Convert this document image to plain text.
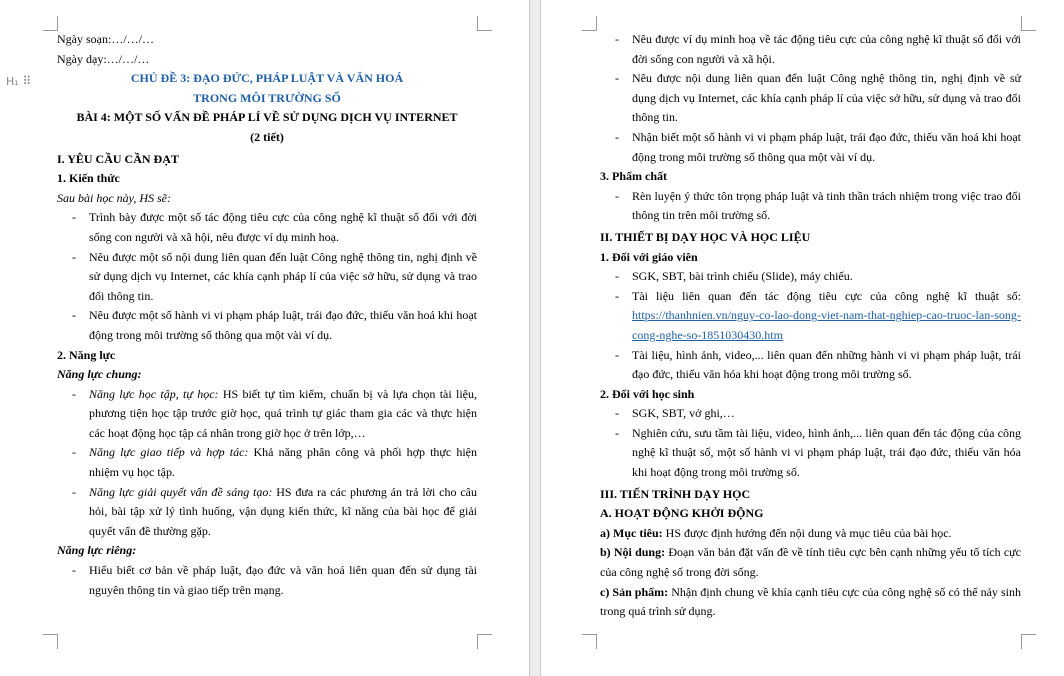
H₁ ⠿

Ngày soạn:…/…/…

Ngày dạy:…/…/…

CHỦ ĐỀ 3: ĐẠO ĐỨC, PHÁP LUẬT VÀ VĂN HOÁ

TRONG MÔI TRƯỜNG SỐ

BÀI 4: MỘT SỐ VẤN ĐỀ PHÁP LÍ VỀ SỬ DỤNG DỊCH VỤ INTERNET

(2 tiết)

I. YÊU CẦU CẦN ĐẠT

1. Kiến thức

Sau bài học này, HS sẽ:

- Trình bày được một số tác động tiêu cực của công nghệ kĩ thuật số đối với đời sống con người và xã hội, nêu được ví dụ minh hoạ.

- Nêu được một số nội dung liên quan đến luật Công nghệ thông tin, nghị định về sử dụng dịch vụ Internet, các khía cạnh pháp lí của việc sở hữu, sử dụng và trao đổi thông tin.

- Nêu được một số hành vi vi phạm pháp luật, trái đạo đức, thiếu văn hoá khi hoạt động trong môi trường số thông qua một vài ví dụ.

2. Năng lực

Năng lực chung:

- Năng lực học tập, tự học: HS biết tự tìm kiếm, chuẩn bị và lựa chọn tài liệu, phương tiện học tập trước giờ học, quá trình tự giác tham gia các và thực hiện các hoạt động học tập cá nhân trong giờ học ở trên lớp,…

- Năng lực giao tiếp và hợp tác: Khả năng phân công và phối hợp thực hiện nhiệm vụ học tập.

- Năng lực giải quyết vấn đề sáng tạo: HS đưa ra các phương án trả lời cho câu hỏi, bài tập xử lý tình huống, vận dụng kiến thức, kĩ năng của bài học để giải quyết vấn đề thường gặp.

Năng lực riêng:

- Hiểu biết cơ bản về pháp luật, đạo đức và văn hoá liên quan đến sử dụng tài nguyên thông tin và giao tiếp trên mạng.

- Nêu được ví dụ minh hoạ về tác động tiêu cực của công nghệ kĩ thuật số đối với đời sống con người và xã hội.

- Nêu được nội dung liên quan đến luật Công nghệ thông tin, nghị định về sử dụng dịch vụ Internet, các khía cạnh pháp lí của việc sở hữu, sử dụng và trao đổi thông tin.

- Nhận biết một số hành vi vi phạm pháp luật, trái đạo đức, thiếu văn hoá khi hoạt động trong môi trường số thông qua một vài ví dụ.

3. Phẩm chất

- Rèn luyện ý thức tôn trọng pháp luật và tinh thần trách nhiệm trong việc trao đổi thông tin trên môi trường số.

II. THIẾT BỊ DẠY HỌC VÀ HỌC LIỆU

1. Đối với giáo viên

- SGK, SBT, bài trình chiếu (Slide), máy chiếu.

- Tài liệu liên quan đến tác động tiêu cực của công nghệ kĩ thuật số: https://thanhnien.vn/nguy-co-lao-dong-viet-nam-that-nghiep-cao-truoc-lan-song-cong-nghe-so-1851030430.htm

- Tài liệu, hình ảnh, video,... liên quan đến những hành vi vi phạm pháp luật, trái đạo đức, thiếu văn hóa khi hoạt động trong môi trường số.

2. Đối với học sinh

- SGK, SBT, vở ghi,…

- Nghiên cứu, sưu tầm tài liệu, video, hình ảnh,... liên quan đến tác động của công nghệ kĩ thuật số, một số hành vi vi phạm pháp luật, trái đạo đức, thiếu văn hóa khi hoạt động trong môi trường số.

III. TIẾN TRÌNH DẠY HỌC

A. HOẠT ĐỘNG KHỞI ĐỘNG

a) Mục tiêu: HS được định hướng đến nội dung và mục tiêu của bài học.

b) Nội dung: Đoạn văn bản đặt vấn đề về tính tiêu cực bên cạnh những yếu tố tích cực của công nghệ số trong đời sống.

c) Sản phẩm: Nhận định chung về khía cạnh tiêu cực của công nghệ số có thể nảy sinh trong quá trình sử dụng.
